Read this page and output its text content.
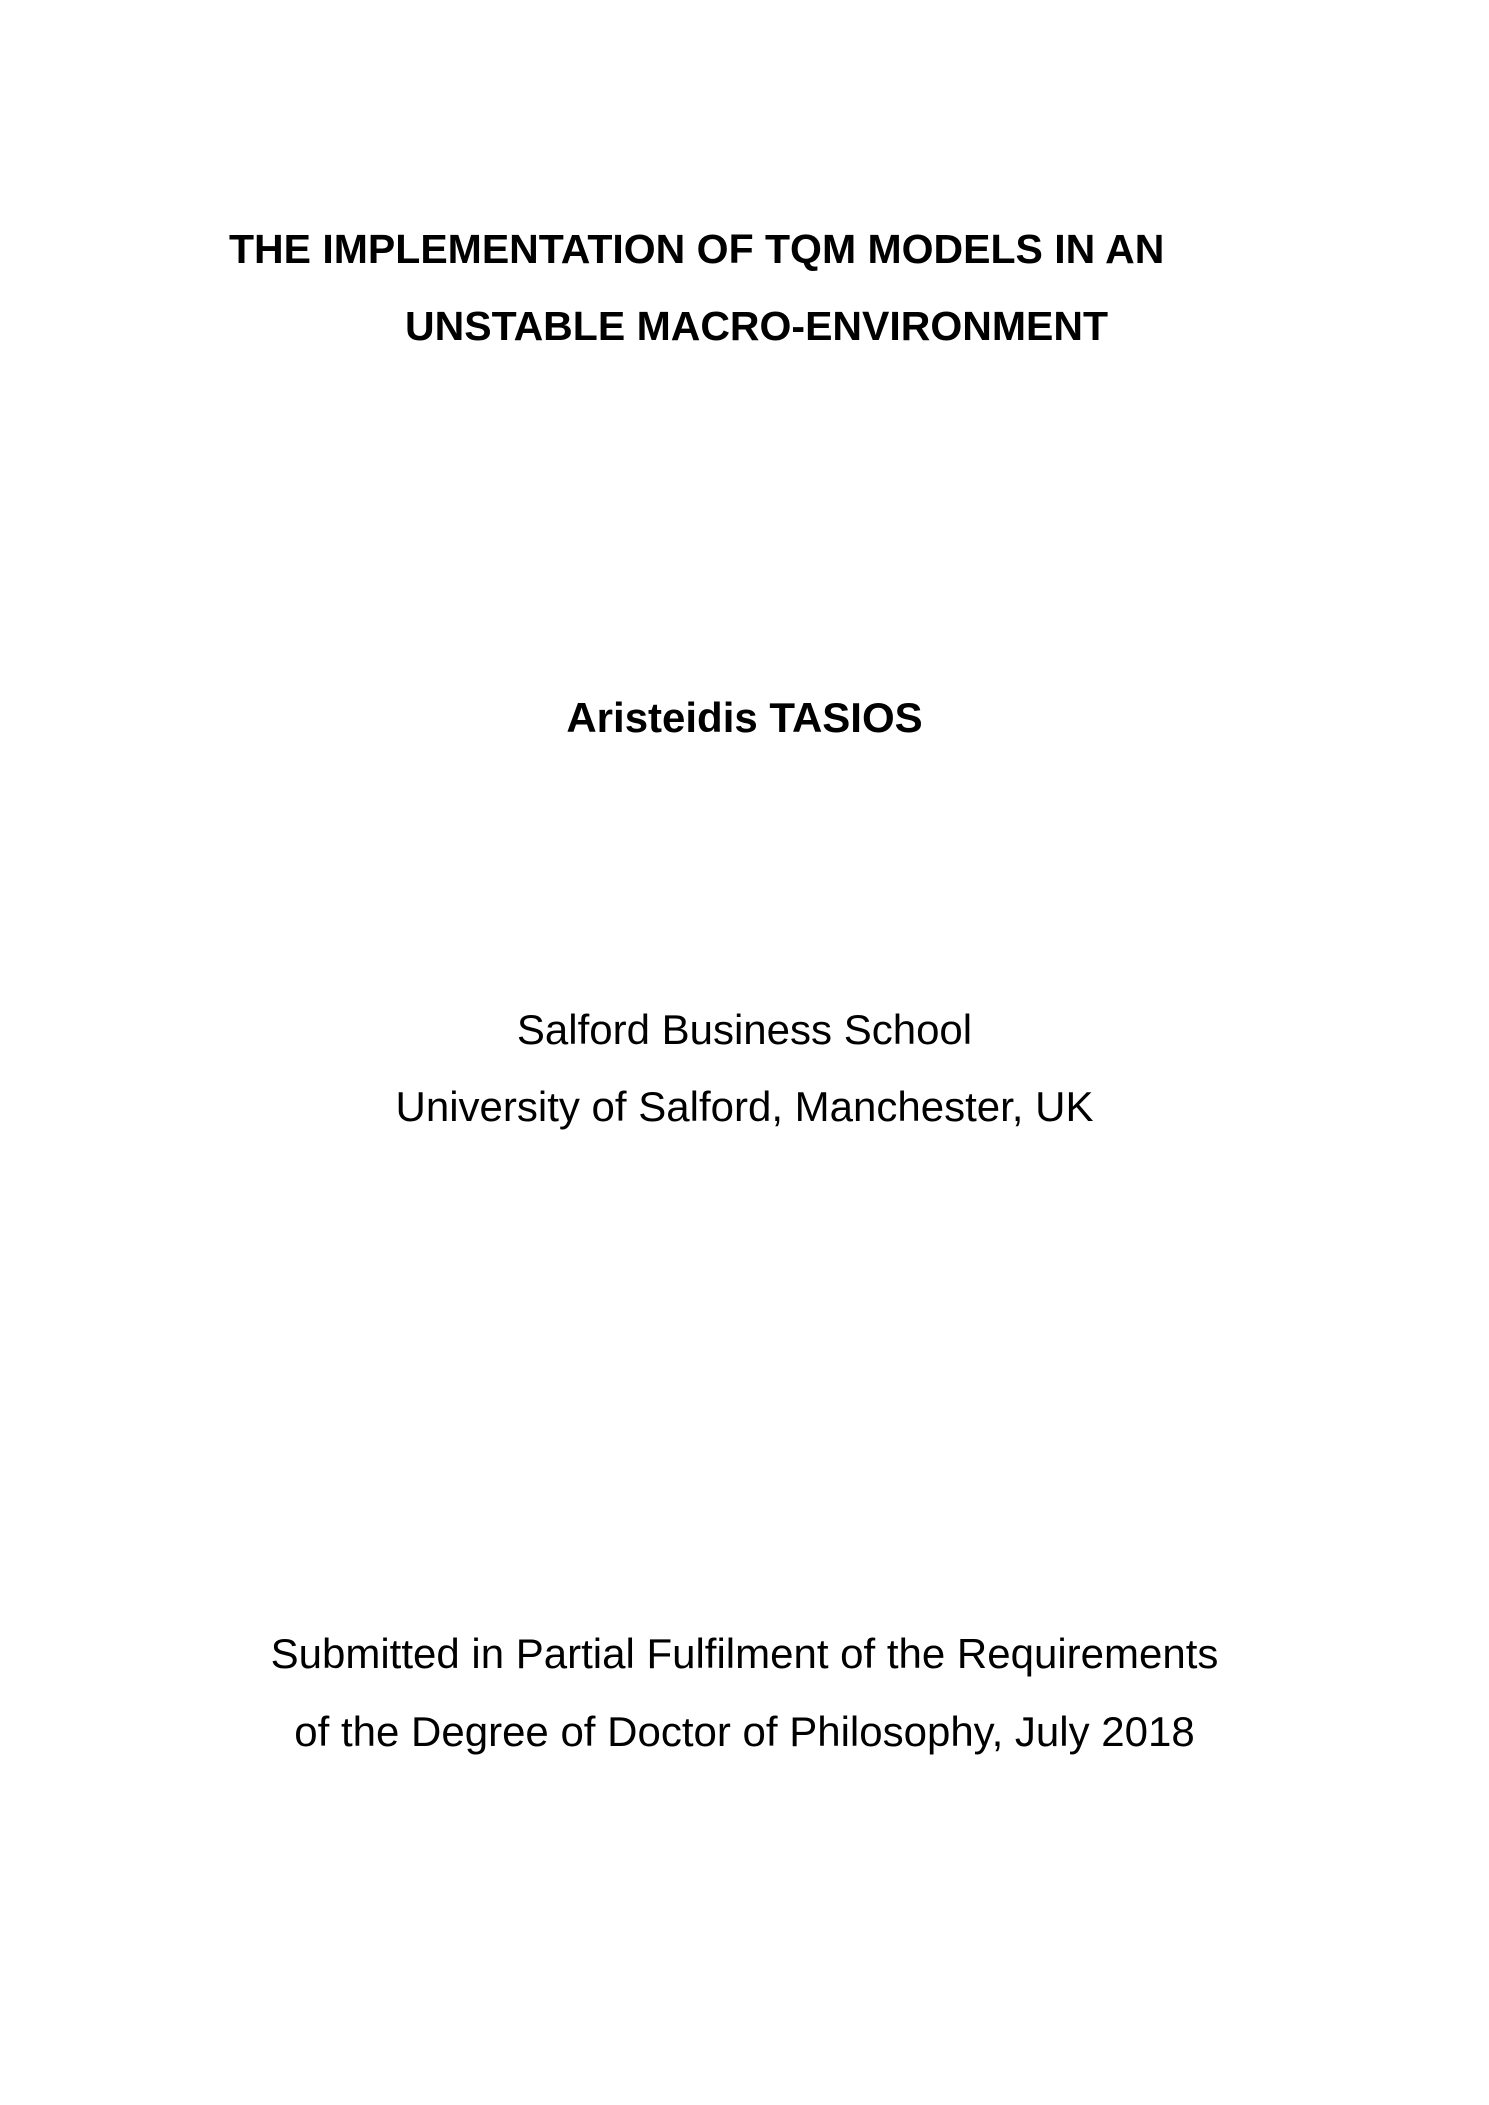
THE IMPLEMENTATION OF TQM MODELS IN AN
UNSTABLE MACRO-ENVIRONMENT
Aristeidis TASIOS
Salford Business School
University of Salford, Manchester, UK
Submitted in Partial Fulfilment of the Requirements
of the Degree of Doctor of Philosophy, July 2018
